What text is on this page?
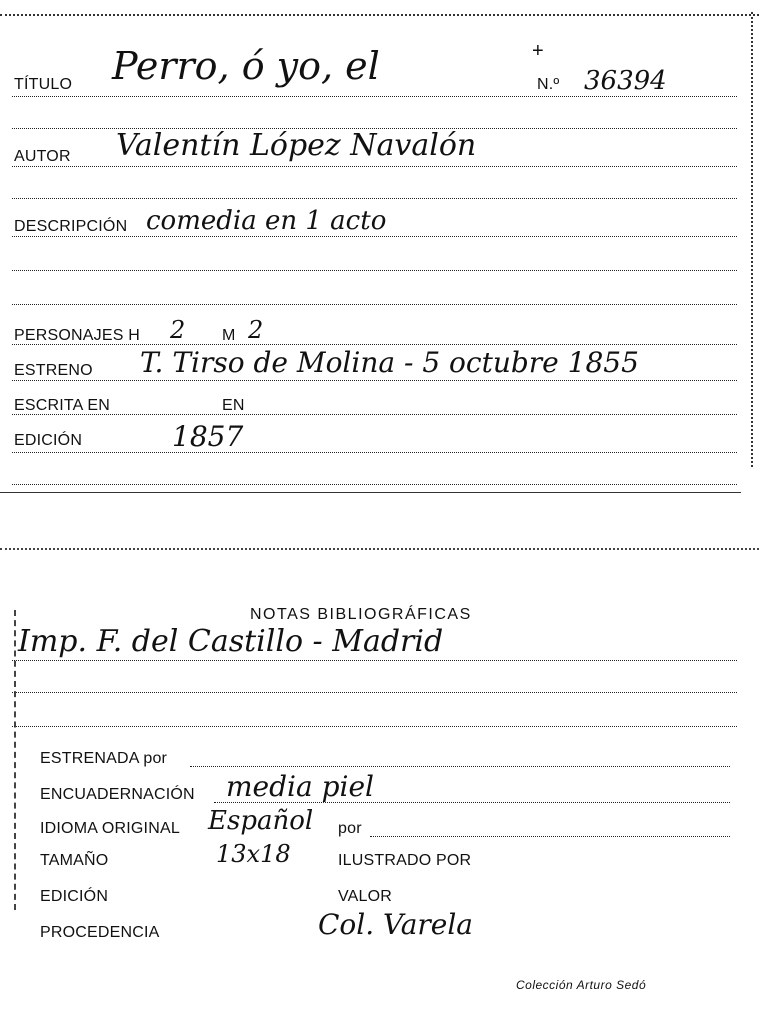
+
TÍTULO Perro, ó yo, el	N.º 36394
AUTOR Valentín López Navalón
DESCRIPCIÓN comedia en 1 acto
PERSONAJES H 2 M 2
ESTRENO T. Tirso de Molina - 5 octubre 1855
ESCRITA EN	EN
EDICIÓN	1857
NOTAS BIBLIOGRÁFICAS
Imp. F. del Castillo - Madrid
ESTRENADA por
ENCUADERNACIÓN media piel
IDIOMA ORIGINAL Español por
TAMAÑO	13x18	ILUSTRADO POR
EDICIÓN	VALOR
PROCEDENCIA	Col. Varela
Colección Arturo Sedó
